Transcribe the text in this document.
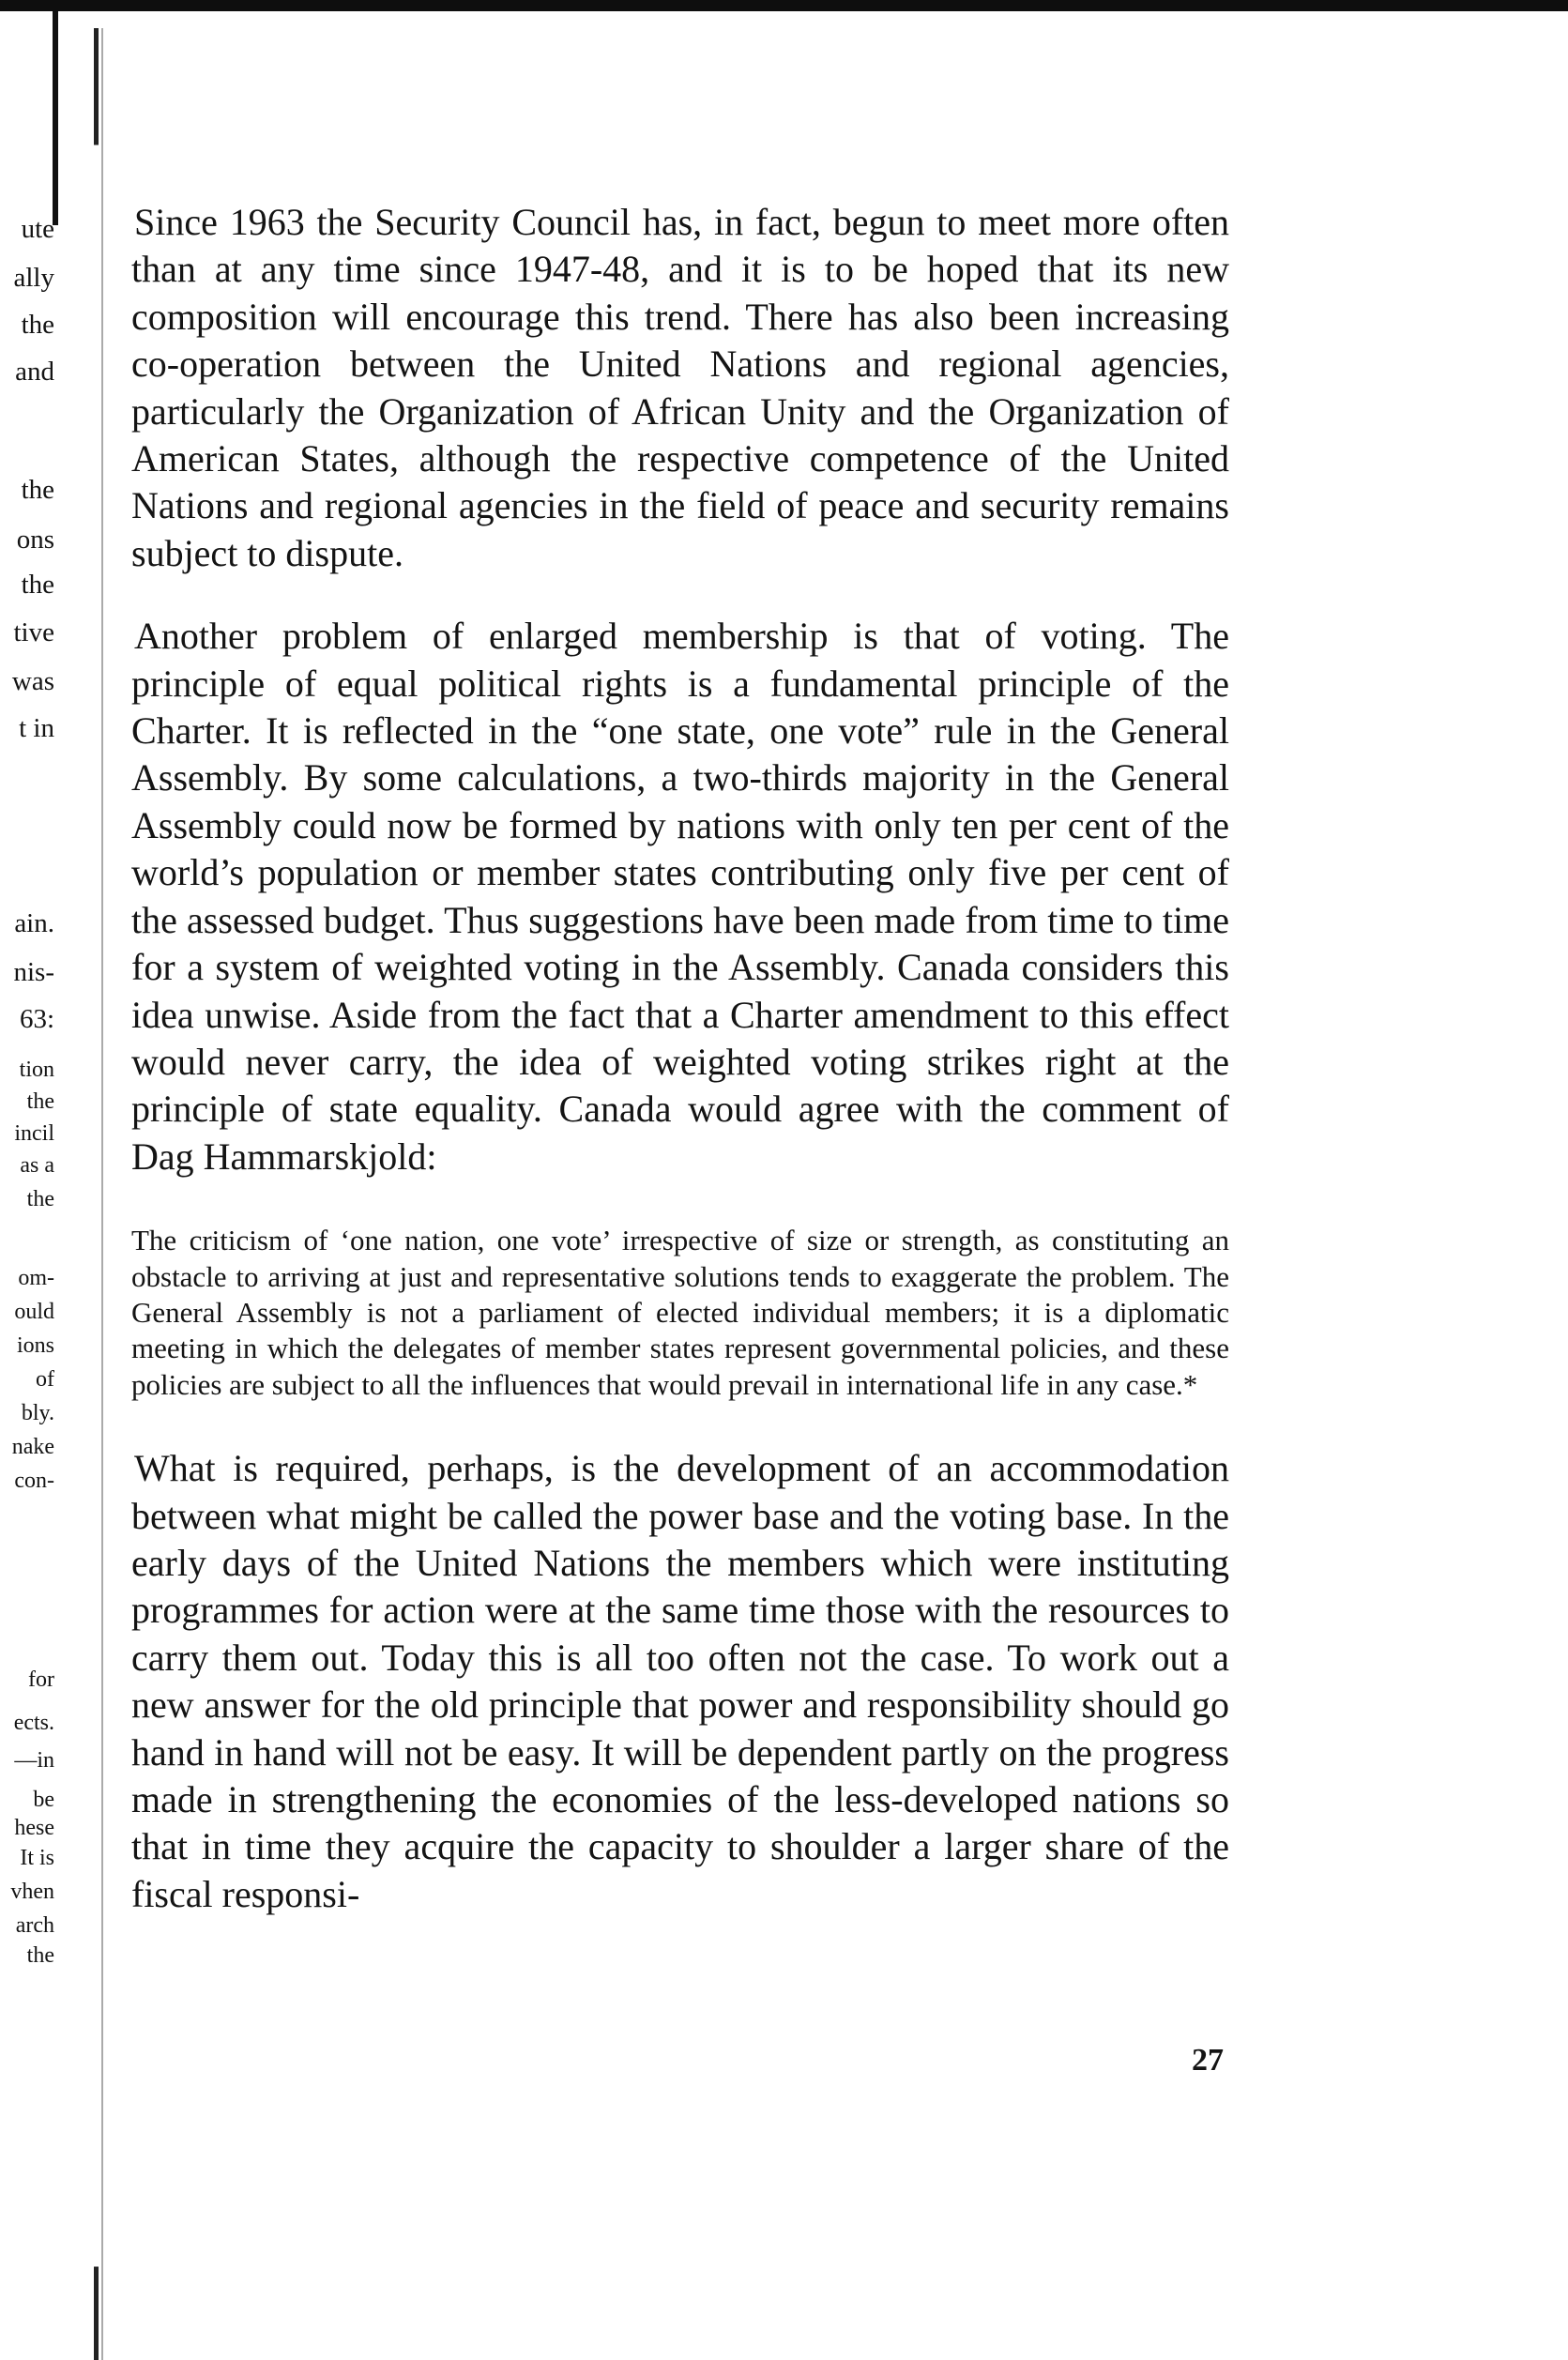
ute
ally
the
and
the
ons
the
tive
was
t in
ain.
nis-
63:
tion
the
incil
as a
the
om-
ould
ions
of
bly.
nake
con-
for
ects.
—in
be
hese
It is
vhen
arch
the

Since 1963 the Security Council has, in fact, begun to meet more often than at any time since 1947-48, and it is to be hoped that its new composition will encourage this trend. There has also been increasing co-operation between the United Nations and regional agencies, particularly the Organization of African Unity and the Organization of American States, although the respective competence of the United Nations and regional agencies in the field of peace and security remains subject to dispute.

Another problem of enlarged membership is that of voting. The principle of equal political rights is a fundamental principle of the Charter. It is reflected in the “one state, one vote” rule in the General Assembly. By some calculations, a two-thirds majority in the General Assembly could now be formed by nations with only ten per cent of the world’s population or member states contributing only five per cent of the assessed budget. Thus suggestions have been made from time to time for a system of weighted voting in the Assembly. Canada considers this idea unwise. Aside from the fact that a Charter amendment to this effect would never carry, the idea of weighted voting strikes right at the principle of state equality. Canada would agree with the comment of Dag Hammarskjold:

The criticism of ‘one nation, one vote’ irrespective of size or strength, as constituting an obstacle to arriving at just and representative solutions tends to exaggerate the problem. The General Assembly is not a parliament of elected individual members; it is a diplomatic meeting in which the delegates of member states represent governmental policies, and these policies are subject to all the influences that would prevail in international life in any case.*

What is required, perhaps, is the development of an accommodation between what might be called the power base and the voting base. In the early days of the United Nations the members which were instituting programmes for action were at the same time those with the resources to carry them out. Today this is all too often not the case. To work out a new answer for the old principle that power and responsibility should go hand in hand will not be easy. It will be dependent partly on the progress made in strengthening the economies of the less-developed nations so that in time they acquire the capacity to shoulder a larger share of the fiscal responsi-

27
